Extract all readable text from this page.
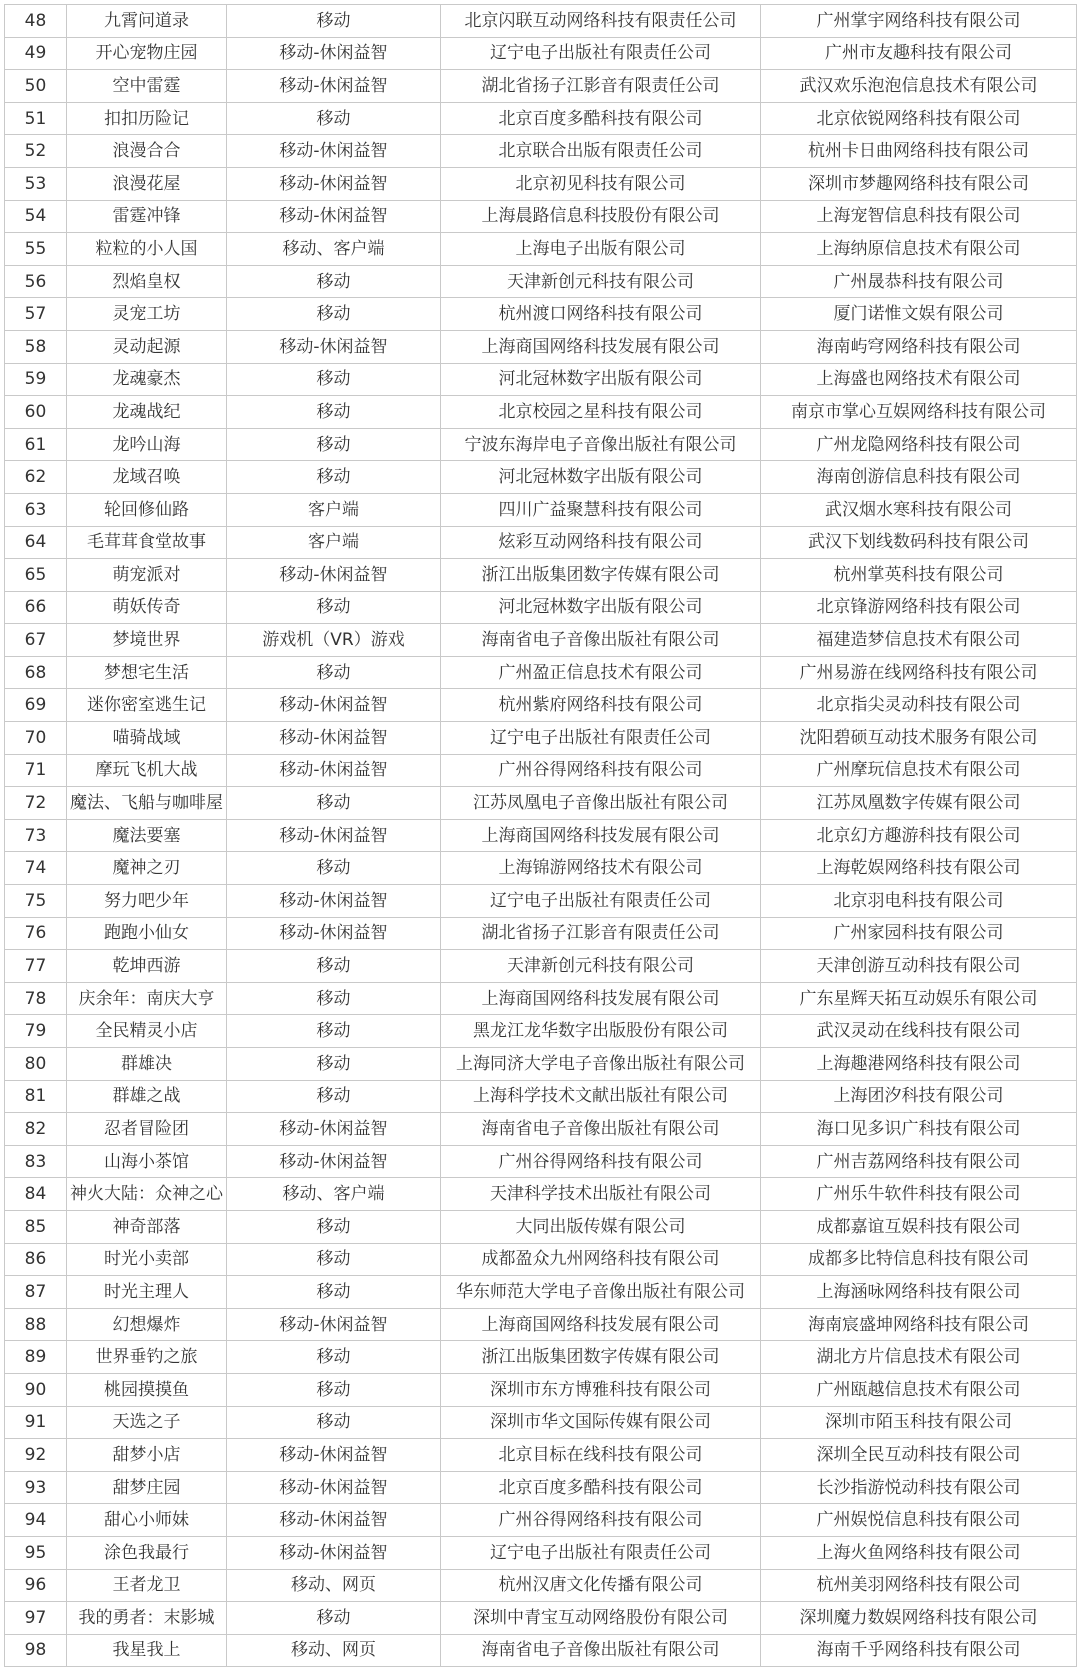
48	九霄问道录	移动	北京闪联互动网络科技有限责任公司	广州掌宇网络科技有限公司
49	开心宠物庄园	移动-休闲益智	辽宁电子出版社有限责任公司	广州市友趣科技有限公司
50	空中雷霆	移动-休闲益智	湖北省扬子江影音有限责任公司	武汉欢乐泡泡信息技术有限公司
51	扣扣历险记	移动	北京百度多酷科技有限公司	北京依锐网络科技有限公司
52	浪漫合合	移动-休闲益智	北京联合出版有限责任公司	杭州卡日曲网络科技有限公司
53	浪漫花屋	移动-休闲益智	北京初见科技有限公司	深圳市梦趣网络科技有限公司
54	雷霆冲锋	移动-休闲益智	上海晨路信息科技股份有限公司	上海宠智信息科技有限公司
55	粒粒的小人国	移动、客户端	上海电子出版有限公司	上海纳原信息技术有限公司
56	烈焰皇权	移动	天津新创元科技有限公司	广州晟恭科技有限公司
57	灵宠工坊	移动	杭州渡口网络科技有限公司	厦门诺惟文娱有限公司
58	灵动起源	移动-休闲益智	上海商国网络科技发展有限公司	海南屿穹网络科技有限公司
59	龙魂豪杰	移动	河北冠林数字出版有限公司	上海盛也网络技术有限公司
60	龙魂战纪	移动	北京校园之星科技有限公司	南京市掌心互娱网络科技有限公司
61	龙吟山海	移动	宁波东海岸电子音像出版社有限公司	广州龙隐网络科技有限公司
62	龙域召唤	移动	河北冠林数字出版有限公司	海南创游信息科技有限公司
63	轮回修仙路	客户端	四川广益聚慧科技有限公司	武汉烟水寒科技有限公司
64	毛茸茸食堂故事	客户端	炫彩互动网络科技有限公司	武汉下划线数码科技有限公司
65	萌宠派对	移动-休闲益智	浙江出版集团数字传媒有限公司	杭州掌英科技有限公司
66	萌妖传奇	移动	河北冠林数字出版有限公司	北京锋游网络科技有限公司
67	梦境世界	游戏机（VR）游戏	海南省电子音像出版社有限公司	福建造梦信息技术有限公司
68	梦想宅生活	移动	广州盈正信息技术有限公司	广州易游在线网络科技有限公司
69	迷你密室逃生记	移动-休闲益智	杭州紫府网络科技有限公司	北京指尖灵动科技有限公司
70	喵骑战域	移动-休闲益智	辽宁电子出版社有限责任公司	沈阳碧硕互动技术服务有限公司
71	摩玩飞机大战	移动-休闲益智	广州谷得网络科技有限公司	广州摩玩信息技术有限公司
72	魔法、飞船与咖啡屋	移动	江苏凤凰电子音像出版社有限公司	江苏凤凰数字传媒有限公司
73	魔法要塞	移动-休闲益智	上海商国网络科技发展有限公司	北京幻方趣游科技有限公司
74	魔神之刃	移动	上海锦游网络技术有限公司	上海乾娱网络科技有限公司
75	努力吧少年	移动-休闲益智	辽宁电子出版社有限责任公司	北京羽电科技有限公司
76	跑跑小仙女	移动-休闲益智	湖北省扬子江影音有限责任公司	广州家园科技有限公司
77	乾坤西游	移动	天津新创元科技有限公司	天津创游互动科技有限公司
78	庆余年：南庆大亨	移动	上海商国网络科技发展有限公司	广东星辉天拓互动娱乐有限公司
79	全民精灵小店	移动	黑龙江龙华数字出版股份有限公司	武汉灵动在线科技有限公司
80	群雄决	移动	上海同济大学电子音像出版社有限公司	上海趣港网络科技有限公司
81	群雄之战	移动	上海科学技术文献出版社有限公司	上海团汐科技有限公司
82	忍者冒险团	移动-休闲益智	海南省电子音像出版社有限公司	海口见多识广科技有限公司
83	山海小茶馆	移动-休闲益智	广州谷得网络科技有限公司	广州吉荔网络科技有限公司
84	神火大陆：众神之心	移动、客户端	天津科学技术出版社有限公司	广州乐牛软件科技有限公司
85	神奇部落	移动	大同出版传媒有限公司	成都嘉谊互娱科技有限公司
86	时光小卖部	移动	成都盈众九州网络科技有限公司	成都多比特信息科技有限公司
87	时光主理人	移动	华东师范大学电子音像出版社有限公司	上海涵咏网络科技有限公司
88	幻想爆炸	移动-休闲益智	上海商国网络科技发展有限公司	海南宸盛坤网络科技有限公司
89	世界垂钓之旅	移动	浙江出版集团数字传媒有限公司	湖北方片信息技术有限公司
90	桃园摸摸鱼	移动	深圳市东方博雅科技有限公司	广州瓯越信息技术有限公司
91	天选之子	移动	深圳市华文国际传媒有限公司	深圳市陌玉科技有限公司
92	甜梦小店	移动-休闲益智	北京目标在线科技有限公司	深圳全民互动科技有限公司
93	甜梦庄园	移动-休闲益智	北京百度多酷科技有限公司	长沙指游悦动科技有限公司
94	甜心小师妹	移动-休闲益智	广州谷得网络科技有限公司	广州娱悦信息科技有限公司
95	涂色我最行	移动-休闲益智	辽宁电子出版社有限责任公司	上海火鱼网络科技有限公司
96	王者龙卫	移动、网页	杭州汉唐文化传播有限公司	杭州美羽网络科技有限公司
97	我的勇者：末影城	移动	深圳中青宝互动网络股份有限公司	深圳魔力数娱网络科技有限公司
98	我星我上	移动、网页	海南省电子音像出版社有限公司	海南千乎网络科技有限公司
